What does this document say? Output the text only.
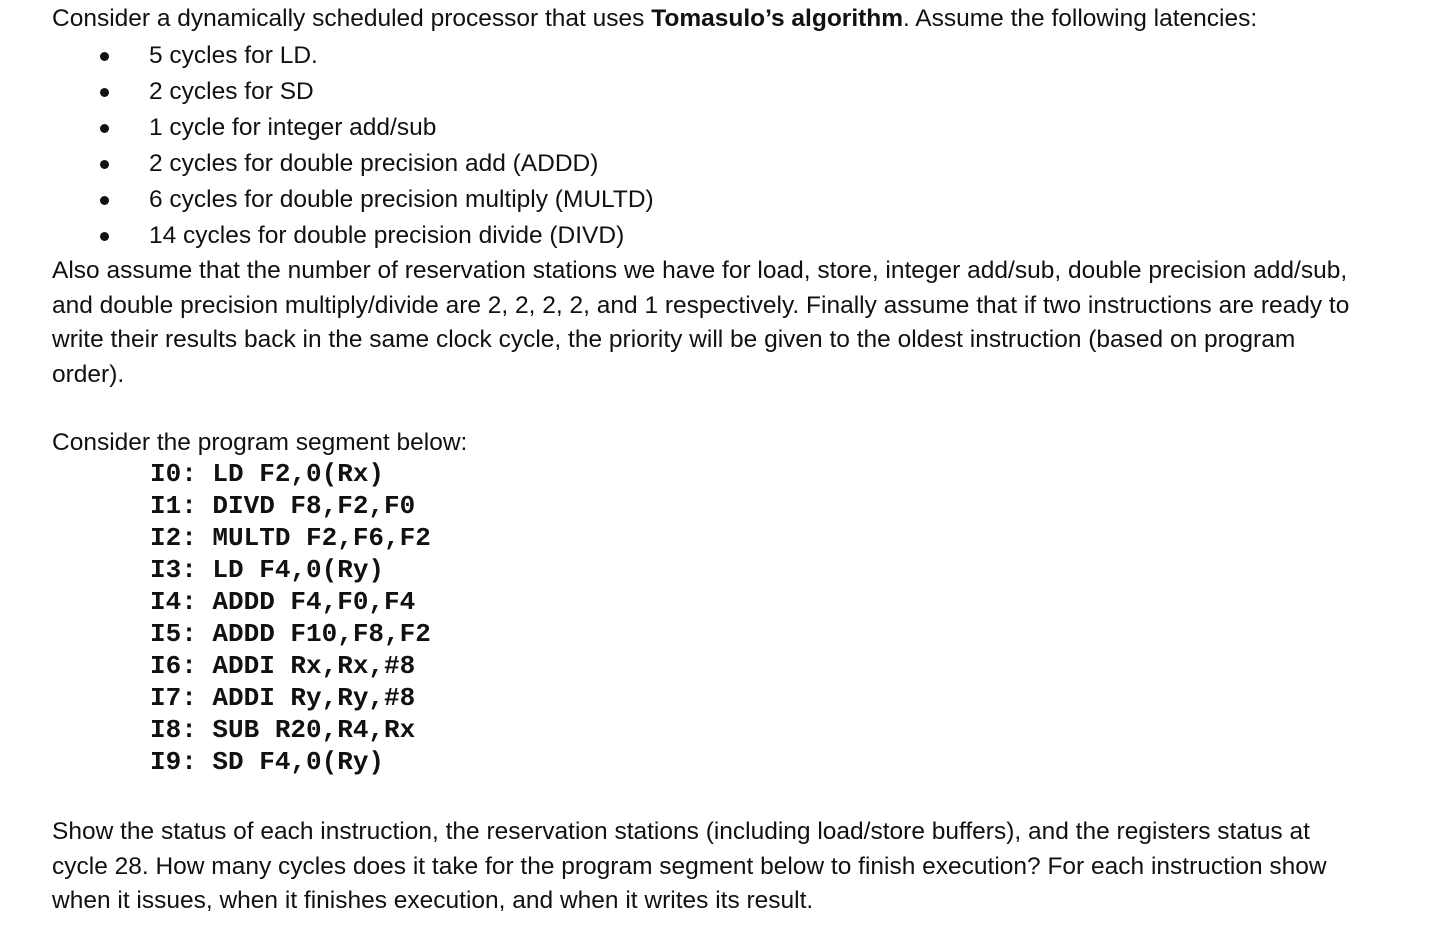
Consider a dynamically scheduled processor that uses Tomasulo’s algorithm. Assume the following latencies:

5 cycles for LD.
2 cycles for SD
1 cycle for integer add/sub
2 cycles for double precision add (ADDD)
6 cycles for double precision multiply (MULTD)
14 cycles for double precision divide (DIVD)

Also assume that the number of reservation stations we have for load, store, integer add/sub, double precision add/sub, and double precision multiply/divide are 2, 2, 2, 2, and 1 respectively. Finally assume that if two instructions are ready to write their results back in the same clock cycle, the priority will be given to the oldest instruction (based on program order).

Consider the program segment below:

I0: LD F2,0(Rx)
I1: DIVD F8,F2,F0
I2: MULTD F2,F6,F2
I3: LD F4,0(Ry)
I4: ADDD F4,F0,F4
I5: ADDD F10,F8,F2
I6: ADDI Rx,Rx,#8
I7: ADDI Ry,Ry,#8
I8: SUB R20,R4,Rx
I9: SD F4,0(Ry)

Show the status of each instruction, the reservation stations (including load/store buffers), and the registers status at cycle 28. How many cycles does it take for the program segment below to finish execution? For each instruction show when it issues, when it finishes execution, and when it writes its result.
